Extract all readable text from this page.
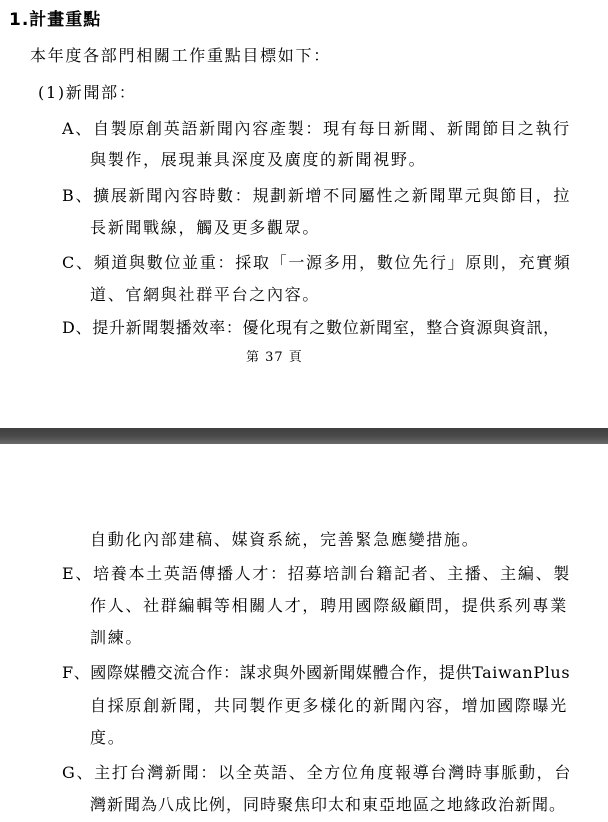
1.計畫重點
本年度各部門相關工作重點目標如下：
(1)新聞部：
A、自製原創英語新聞內容產製：現有每日新聞、新聞節目之執行
與製作，展現兼具深度及廣度的新聞視野。
B、擴展新聞內容時數：規劃新增不同屬性之新聞單元與節目，拉
長新聞戰線，觸及更多觀眾。
C、頻道與數位並重：採取「一源多用，數位先行」原則，充實頻
道、官網與社群平台之內容。
D、提升新聞製播效率：優化現有之數位新聞室，整合資源與資訊，
第 37 頁
自動化內部建稿、媒資系統，完善緊急應變措施。
E、培養本土英語傳播人才：招募培訓台籍記者、主播、主編、製
作人、社群編輯等相關人才，聘用國際級顧問，提供系列專業
訓練。
F、國際媒體交流合作：謀求與外國新聞媒體合作，提供TaiwanPlus
自採原創新聞，共同製作更多樣化的新聞內容，增加國際曝光
度。
G、主打台灣新聞：以全英語、全方位角度報導台灣時事脈動，台
灣新聞為八成比例，同時聚焦印太和東亞地區之地緣政治新聞。
